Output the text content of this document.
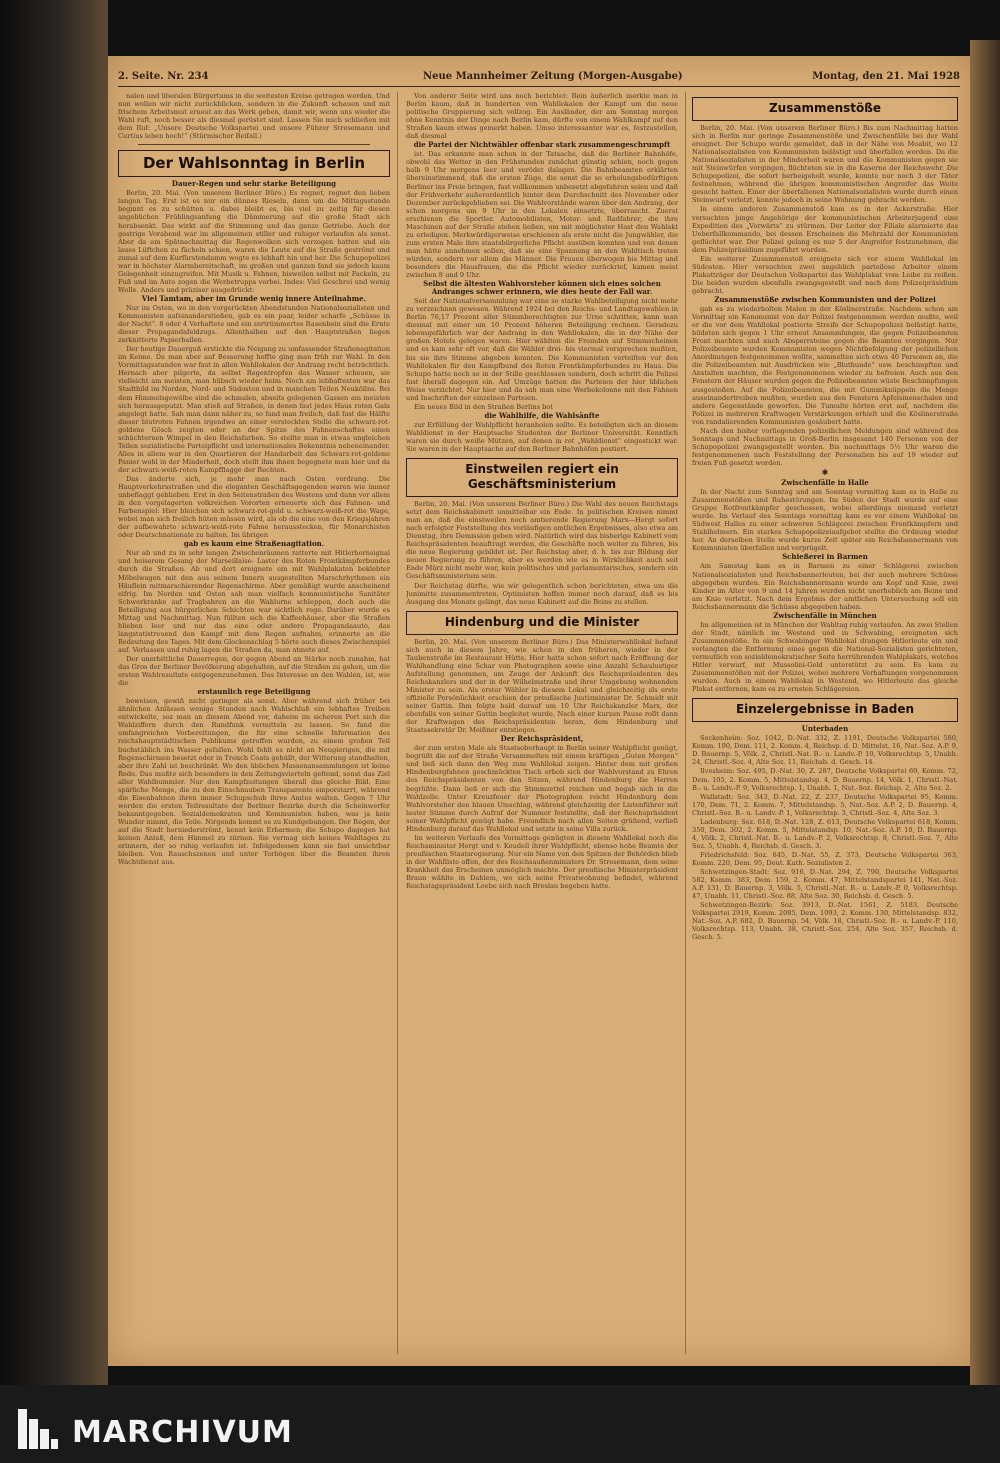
2. Seite. Nr. 234	Neue Mannheimer Zeitung (Morgen-Ausgabe)	Montag, den 21. Mai 1928

nalen und liberalen Bürgertums in die weitesten Kreise getragen werden. Und nun wollen wir nicht zurückblicken, sondern in die Zukunft schauen und mit frischem Arbeitsmut erneut an das Werk gehen, damit wir, wenn uns wieder die Wahl ruft, noch besser als diesmal gerüstet sind. Lassen Sie mich schließen mit dem Ruf: „Unsere Deutsche Volkspartei und unsere Führer Stresemann und Curtius leben hoch!“ (Stürmischer Beifall.)

Der Wahlsonntag in Berlin

Dauer-Regen und sehr starke Beteiligung

Berlin, 20. Mai. (Von unserem Berliner Büro.) Es regnet, regnet den lieben langen Tag. Erst ist es nur ein dünnes Rieseln, dann um die Mittagsstunde beginnt es zu schütten u. dabei bleibt es, bis viel zu zeitig für diesen angeblichen Frühlingsanfang die Dämmerung auf die große Stadt sich herabsenkt. Das wirkt auf die Stimmung und das ganze Getriebe. Auch der gestrige Vorabend war im allgemeinen stiller und ruhiger verlaufen als sonst. Aber da am Spätnachmittag die Regenwolken sich verzogen hatten und ein laues Lüftchen zu fächeln schien, waren die Leute auf die Straße geströmt und zumal auf dem Kurfürstendamm wogte es lebhaft hin und her. Die Schupopolizei war in höchster Alarmbereitschaft, im großen und ganzen fand sie jedoch kaum Gelegenheit einzugreifen. Mit Musik u. Fahnen, bisweilen selbst mit Fackeln, zu Fuß und im Auto zogen die Werbetrupps vorbei. Indes: Viel Geschrei und wenig Wolle. Anders und präziser ausgedrückt:

Viel Tamtam, aber im Grunde wenig innere Anteilnahme.

Nur im Osten, wo in den vorgerückten Abendstunden Nationalsozialisten und Kommunisten aufeinanderstießen, gab es ein paar, leider scharfe „Schüsse in der Nacht“. 8 oder 4 Verhaftete und ein zertrümmertes Rasenbein sind die Ernte dieser Propagandafeldzugs. Allenthalben auf den Hauptstraßen liegen zerknitterte Papierballen.

Der heutige Dauerguß erstickte die Neigung zu umfassender Straßenagitation im Keime. Da man aber auf Besserung hoffte ging man früh zur Wahl. In den Vormittagsstunden war fast in allen Wahllokalen der Andrang recht beträchtlich. Hernach aber pilgerte, da selbst Regentropfen das Wasser scheuen, sie vielleicht am meisten, man hübsch wieder heim. Noch am lebhaftesten war das Stadtbild im Norden, Nord- und Südosten und in manchen Teilen Neuköllns. Bei dem Himmelsgewölbe sind die schmalen, abseits gelegenen Gassen am meisten sich herausgeputzt. Man stieß auf Straßen, in denen fast jedes Haus roten Gala angelegt hatte. Sah man dann näher zu, so fand man freilich, daß fast die Hälfte dieser blutroten Fahnen irgendwo an einer versteckten Stelle die schwarz-rot-goldene Gösch zeigten oder an der Spitze des Fahnenschaftes einen schüchternen Wimpel in den Reichsfarben. So stellte man in etwas ungleichen Teilen sozialistische Parteipflicht und internationales Bekenntnis nebeneinander. Alles in allem war in den Quartieren der Handarbeit das Schwarz-rot-goldene Panier wohl in der Minderheit, doch stellt ihm ihnen begegnete man hier und da der schwarz-weiß-roten Kampfflagge der Rechten.

Das änderte sich, je mehr man nach Osten vordrang. Die Hauptverkehrsstraßen und die eleganten Geschäftsgegenden waren wie immer unbeflaggt geblieben. Erst in den Seitenstraßen des Westens und dann vor allem in den vorgelagerten volkreichen Vororten erneuerte sich das Fahnen- und Farbenspiel: Hier bleichen sich schwarz-rot-gold u. schwarz-weiß-rot die Wage, wobei man sich freilich hüten müssen wird, als ob die eine von den Kriegsjahren der aufbewahrte schwarz-weiß-rote Fahne herausstecken, für Monarchisten oder Deutschnationale zu halten. Im übrigen

gab es kaum eine Straßenagitation.

Nur ab und zu in sehr langen Zwischenräumen ratterte mit Hitlerhornsignal und heiserem Gesang der Marseillaise- Laster des Roten Frontkämpferbundes durch die Straßen. Ab und dort ereignete ein mit Wahlplakaten beklebter Möbelwagen mit den aus seinem Innern ausgestellten Marschrhythmen ein Häuflein mitmarschierender Regenschirme. Aber gemäßigt wurde anscheinend eifrig. Im Norden und Osten sah man vielfach kommunistische Sanitäter Schwerkranke auf Tragbahren an die Wahlurne schleppen, doch auch die Beteiligung aus bürgerlichen Schichten war sichtlich rege. Darüber wurde es Mittag und Nachmittag. Nun füllten sich die Kaffeehäuser, aber die Straßen blieben leer und nur das eine oder andere Propagandaauto, das langstatistreuend den Kampf mit dem Regen aufnahm, erinnerte an die Bedeutung des Tages. Mit dem Glockenschlag 5 hörte auch dieses Zwischenspiel auf. Verlassen und ruhig lagen die Straßen da, man atmete auf.

Der unerbittliche Dauerregen, der gegen Abend an Stärke noch zunahm, hat das Gros der Berliner Bevölkerung abgehalten, auf die Straßen zu gehen, um die ersten Wahlresultate entgegenzunehmen. Das Interesse an den Wahlen, ist, wie die

erstaunlich rege Beteiligung

beweisen, gewiß nicht geringer als sonst. Aber während sich früher bei ähnlichen Anlässen wenige Stunden nach Wahlschluß ein lebhaftes Treiben entwickelte, soz man an diesem Abend vor, daheim im sicheren Port sich die Wahlziffern durch den Rundfunk vermitteln zu lassen. So fand die umfangreichen Vorbereitungen, die für eine schnelle Information des reichshauptstädtischen Publikums getroffen wurden, zu einem großen Teil buchstäblich ins Wasser gefallen. Wohl fehlt es nicht an Neugierigen, die mit Regenschirmen besetzt oder in Trench Coats gehüllt, der Witterung standhalten, aber ihre Zahl ist beschränkt. Wo den üblichen Massenansammlungen ist keine Rede. Das mußte sich besonders in den Zeitungsvierteln geltend, sonst das Ziel aller Wahlbummler. Nur den Kampfzeitungen überall das gleiche Bild. Eine spärliche Menge, die zu den Einschnauben Transparente emporstarrt, während die Eisenbahnen ihren immer Schupschub ihres Amtes walten. Gegen 7 Uhr werden die ersten Teilresultate der Berliner Bezirke durch die Scheinwerfer bekanntgegeben. Sozialdemokraten und Kommunisten haben, was ja kein Wunder nimmt, die Teile. Nirgends kommt es zu Kundgebungen. Der Regen, der auf die Stadt herniederströmt, kennt kein Erbarmen; die Schupo dagegen hat keinen Anlaß, dem Himmel zu zürnen. Sie vermag sich keines Wahltages zu erinnern, der so ruhig verlaufen ist. Infolgedessen kann sie fast unsichtbar bleiben. Von Rauschszenen und unter Torbögen über die Beamten ihren Wachtdienst aus.

Von anderer Seite wird uns noch berichtet: Rein äußerlich merkte man in Berlin kaum, daß in hunderten von Wahllokalen der Kampf um die neue politische Gruppierung sich vollzog. Ein Ausländer, der am Sonntag morgen ohne Kenntnis der Dinge nach Berlin kam, dürfte von einem Wahlkampf auf den Straßen kaum etwas gemerkt haben. Umso interessanter war es, festzustellen, daß diesmal

die Partei der Nichtwähler offenbar stark zusammengeschrumpft

ist. Das erkannte man schon in der Tatsache, daß die Berliner Bahnhöfe, obwohl das Wetter in den Frühstunden zunächst günstig schien, noch gegen halb 9 Uhr morgens leer und verödet dalagen. Die Bahnbeamten erklärten übereinstimmend, daß die ersten Züge, die sonst die so erholungsbedürftigen Berliner ins Freie bringen, fast vollkommen unbesetzt abgefahren seien und daß der Frühverkehr außerordentlich hinter dem Durchschnitt des November oder Dezember zurückgeblieben sei. Die Wahlvorstände waren über den Andrang, der schon morgens um 9 Uhr in den Lokalen einsetzte, überrascht. Zuerst erschienen die Sportler. Automobilisten, Motor- und Radfahrer, die ihre Maschinen auf der Straße stehen ließen, um mit möglichster Hast den Wahlakt zu erledigen. Merkwürdigerweise erschienen als erste nicht die Jungwähler, die zum ersten Male ihre staatsbürgerliche Pflicht ausüben konnten und von denen man hätte annehmen sollen, daß sie eine Spannung an den Wahltisch treten würden, sondern vor allem die Männer. Die Frauen überwogen bis Mittag und besonders die Hausfrauen, die die Pflicht wieder zurückrief, kamen meist zwischen 8 und 9 Uhr.

Selbst die ältesten Wahlvorsteher können sich eines solchen Andranges schwer erinnern, wie dies heute der Fall war.

Seit der Nationalversammlung war eine so starke Wahlbeteiligung nicht mehr zu verzeichnen gewesen. Während 1924 bei den Reichs- und Landtagswahlen in Berlin 76,17 Prozent aller Stimmberechtigten zur Urne schritten, kann man diesmal mit einer um 10 Prozent höheren Beteiligung rechnen. Geradezu lebensgefährlich war der Andrang in den Wahllokalen, die in der Nähe der großen Hotels gelegen waren. Hier wählten die Fremden auf Stimmscheinen und es kam sehr oft vor, daß die Wähler drei- bis viermal vorsprechen mußten, bis sie ihre Stimme abgeben konnten. Die Kommunisten verteilten vor den Wahllokalen für den Kampfbund des Roten Frontkämpferbundes zu Haus. Die Schupo hatte noch so in der Stille geschlossen sondern, doch schritt die Polizei fast überall dagegen ein. Auf Umzüge hatten die Parteien der hier üblichen Weise verzichtet. Nur hier und da sah man eine Werbekolonne mit den Fahnen und Inschriften der einzelnen Parteien.

Ein neues Bild in den Straßen Berlins bot

die Wahlhilfe, die Wahlsänfte

zur Erfüllung der Wahlpflicht heranholen sollte. Es beteiligten sich an diesem Wahldienst in der Hauptsache Studenten der Berliner Universität. Kenntlich waren sie durch weiße Mützen, auf denen in rot „Wahldienst“ eingestickt war. Sie waren in der Hauptsache auf den Berliner Bahnhöfen postiert.

Einstweilen regiert ein Geschäftsministerium

Berlin, 20. Mai. (Von unserem Berliner Büro.) Die Wahl des neuen Reichstags setzt dem Reichskabinett unmittelbar ein Ende. In politischen Kreisen nimmt man an, daß die einstweilen noch amtierende Regierung Marx—Hergt sofort nach erfolgter Feststellung des vorläufigen amtlichen Ergebnisses, also etwa am Dienstag, ihre Demission geben wird. Natürlich wird das bisherige Kabinett vom Reichspräsidenten beauftragt werden, die Geschäfte noch weiter zu führen, bis die neue Regierung gebildet ist. Der Reichstag aber, d. h. bis zur Bildung der neuen Regierung zu führen, aber es werden wie es in Wirklichkeit auch seit Ende März nicht mehr war, kein politisches und parlamentarisches, sondern ein Geschäftsministerium sein.

Der Reichstag dürfte, wie wir gelegentlich schon berichteten, etwa um die Junimitte zusammentreten. Optimisten hoffen immer noch darauf, daß es bis Ausgang des Monats gelingt, das neue Kabinett auf die Beine zu stellen.

Hindenburg und die Minister

Berlin, 20. Mai. (Von unserem Berliner Büro.) Das Ministerwahllokal befand sich auch in diesem Jahre, wie schon in den früheren, wieder in der Taubenstraße im Restaurant Hütte. Hier hatte schon sofort nach Eröffnung der Wahlhandlung eine Schar von Photographen sowie eine Anzahl Schaulustiger Aufstellung genommen, um Zeuge der Ankunft des Reichspräsidenten des Reichskanzlers und der in der Wilhelmstraße und ihrer Umgebung wohnenden Minister zu sein. Als erster Wähler in diesem Lokal und gleichzeitig als erste offizielle Persönlichkeit erschien der preußische Justizminister Dr. Schmidt mit seiner Gattin. Ihm folgte bald darauf um 10 Uhr Reichskanzler Marx, der ebenfalls von seiner Gattin begleitet wurde. Nach einer kurzen Pause rollt dann der Kraftwagen des Reichspräsidenten heran, dem Hindenburg und Staatssekretär Dr. Meißner entstiegen.

Der Reichspräsident,

der zum ersten Male als Staatsoberhaupt in Berlin seiner Wahlpflicht genügt, begrüßt die auf der Straße Versammelten mit einem kräftigen „Guten Morgen“ und ließ sich dann den Weg zum Wahllokal zeigen. Hinter dem mit großen Hindenburgfahnen geschmückten Tisch erhob sich der Wahlvorstand zu Ehren des Reichspräsidenten von den Sitzen, während Hindenburg die Herren begrüßte. Dann ließ er sich die Stimmzettel reichen und begab sich in die Wahlzelle. Unter Kreuzfeuer der Photographen reicht Hindenburg dem Wahlvorsteher den blauen Umschlag, während gleichzeitig der Listenführer mit lauter Stimme durch Aufruf der Nummer feststellte, daß der Reichspräsident seiner Wahlpflicht genügt habe. Freundlich nach allen Seiten grüßend, verließ Hindenburg darauf das Wahllokal und setzte in seine Villa zurück.

Im weiteren Verlaufe des Vormittags genügten in diesem Wahllokal noch die Reichsminister Hergt und v. Keudell ihrer Wahlpflicht, ebenso hohe Beamte der preußischen Staatsregierung. Nur ein Name von den Spitzen der Behörden blieb in der Wahlliste offen, der des Reichsaußenministers Dr. Stresemann, dem seine Krankheit das Erscheinen unmöglich machte. Der preußische Ministerpräsident Braun wählte in Dahlem, wo sich seine Privatwohnung befindet, während Reichstagspräsident Loebe sich nach Breslau begeben hatte.

Zusammenstöße

Berlin, 20. Mai. (Von unserem Berliner Büro.) Bis zum Nachmittag hatten sich in Berlin nur geringe Zusammenstöße und Zwischenfälle bei der Wahl ereignet. Der Schupo wurde gemeldet, daß in der Nähe von Moabit, wo 12 Nationalsozialisten von Kommunisten belästigt und überfallen worden. Da die Nationalsozialisten in der Minderheit waren und die Kommunisten gegen sie mit Steinwürfen vorgingen, flüchteten sie in die Kaserne der Reichswehr. Die Schupopolizei, die sofort herbeigeholt wurde, konnte nur noch 3 der Täter festnehmen, während die übrigen kommunistischen Angreifer das Weite gesucht hatten. Einer der überfallenen Nationalsozialisten wurde durch einen Steinwurf verletzt, konnte jedoch in seine Wohnung gebracht werden.

In einem anderen Zusammenstoß kam es in der Ackerstraße. Hier versuchten junge Angehörige der kommunistischen Arbeiterjugend eine Expedition des „Vorwärts“ zu stürmen. Der Leiter der Filiale alarmierte das Ueberfallkommando, bei dessen Erscheinen die Mehrzahl der Kommunisten geflüchtet war. Der Polizei gelang es nur 5 der Angreifer festzunehmen, die dem Polizeipräsidium zugeführt wurden.

Ein weiterer Zusammenstoß ereignete sich vor einem Wahllokal im Südosten. Hier versuchten zwei angeblich parteilose Arbeiter einem Plakatträger der Deutschen Volkspartei das Wahlplakat vom Leibe zu reißen. Die beiden wurden ebenfalls zwangsgestellt und nach dem Polizeipräsidium gebracht.

Zusammenstöße zwischen Kommunisten und der Polizei

gab es zu wiederholten Malen in der Köslinerstraße. Nachdem schon am Vormittag ein Kommunist von der Polizei festgenommen werden mußte, weil er die vor dem Wahllokal postierte Streife der Schupopolizei belästigt hatte, bildeten sich gegen 1 Uhr erneut Ansammlungen, die gegen Polizeibeamten Front machten und auch Absperrsteine gegen die Beamten vorgingen. Nur Polizeibeamte wurden Kommunisten wegen Nichtbefolgung der polizeilichen Anordnungen festgenommen wollte, sammelten sich etwa 40 Personen an, die die Polizeibeamten mit Ausdrücken wie „Bluthunde“ usw. beschimpften und Anstalten machten, die Festgenommenen wieder zu befreien. Auch aus den Fenstern der Häuser wurden gegen die Polizeibeamten wüste Beschimpfungen ausgestoßen. Auf die Polizeibeamten, die mit Gummiknüppeln die Menge auseinandertreiben mußten, wurden aus den Fenstern Apfelsinenschalen und andere Gegenstände geworfen. Die Tumulte hörten erst auf, nachdem die Polizei in mehreren Kraftwagen Verstärkungen erhielt und die Köslinerstraße von randalierenden Kommunisten gesäubert hatte.

Nach den bisher vorliegenden polizeilichen Meldungen sind während des Sonntags und Nachmittags in Groß-Berlin insgesamt 140 Personen von der Schupopolizei zwangsgestellt worden. Bis nachmittags 5½ Uhr waren die festgenommenen nach Feststellung der Personalien bis auf 19 wieder auf freien Fuß gesetzt worden.

✱

Zwischenfälle in Halle

In der Nacht zum Sonntag und am Sonntag vormittag kam es in Halle zu Zusammenstößen und Ruhestörungen. Im Süden der Stadt wurde auf eine Gruppe Rotfrontkämpfer geschossen, wobei allerdings niemand verletzt wurde. Im Verlauf des Sonntags vormittag kam es vor einem Wahllokal im Südwest Halles zu einer schweren Schlägerei zwischen Frontkämpfern und Stahlhelmern. Ein starkes Schupopolizeiaufgebot stellte die Ordnung wieder her. An derselben Stelle wurde kurze Zeit später ein Reichsbannermann von Kommunisten überfallen und verprügelt.

Schießerei in Barmen

Am Samstag kam es in Barmen zu einer Schlägerei zwischen Nationalsozialisten und Reichsbannerleuten, bei der auch mehrere Schüsse abgegeben wurden. Ein Reichsbannermann wurde am Kopf und Knie, zwei Kinder im Alter von 9 und 14 Jahren wurden nicht unerheblich am Beine und am Knie verletzt. Nach dem Ergebnis der amtlichen Untersuchung soll ein Reichsbannermann die Schüsse abgegeben haben.

Zwischenfälle in München

Im allgemeinen ist in München der Wahltag ruhig verlaufen. An zwei Stellen der Stadt, nämlich im Westend und in Schwabing, ereigneten sich Zusammenstöße. In ein Schwabinger Wahllokal drangen Hitlerleute ein und verlangten die Entfernung eines gegen die National-Sozialisten gerichteten, vermutlich von sozialdemokratischer Seite herrührenden Wahlplakats, welches Hitler verwarf, mit Mussolini-Geld unterstützt zu sein. Es kam zu Zusammenstößen mit der Polizei, wobei mehrere Verhaftungen vorgenommen wurden. Auch in einem Wahllokal in Westend, wo Hitlerleute das gleiche Plakat entfernen, kam es zu ernsten Schlägereien.

Einzelergebnisse in Baden

Unterbaden

Seckenheim: Soz. 1042, D.-Nat. 332, Z. 1191, Deutsche Volkspartei 580, Komm. 190, Dem. 111, 2. Komm. 4, Reichsp. d. D. Mittelst. 16, Nat.-Soz. A.P. 9, D. Bauernp. 5, Völk. 2, Christl.-Nat. B.- u. Landv.-P. 10, Volksrechtsp. 5, Unabh. 24, Christl.-Soz. 4, Alte Soz. 11, Reichsb. d. Gesch. 14.

Ilvesheim: Soz. 495, D.-Nat. 30, Z. 287, Deutsche Volkspartei 69, Komm. 72, Dem. 105, 2. Komm. 5, Mittelstandsp. 4, D. Bauernp. 14, Völk. 1, Christl.-Nat. B.- u. Landv.-P. 9, Volksrechtsp. 1, Unabh. 1, Nat.-Soz. Reichsp. 2, Alte Soz. 2.

Wallstadt: Soz. 343, D.-Nat. 22, Z. 237, Deutsche Volkspartei 95, Komm. 170, Dem. 71, 2. Komm. 7, Mittelstandsp. 5, Nat.-Soz. A.P. 2, D. Bauernp. 4, Christl.-Soz. B.- u. Landv.-P. 1, Volksrechtsp. 3, Christl.-Soz. 4, Alte Soz. 3.

Ladenburg: Soz. 618, D.-Nat. 128, Z. 613, Deutsche Volkspartei 618, Komm. 350, Dem. 302, 2. Komm. 5, Mittelstandsp. 10, Nat.-Soz. A.P. 10, D. Bauernp. 4, Völk. 2, Christl.-Nat. B.- u. Landv.-P. 2, Volksrechtsp. 8, Christl.-Soz. 7, Alte Soz. 5, Unabh. 4, Reichsb. d. Gesch. 3.

Friedrichsfeld: Soz. 645, D.-Nat. 55, Z. 373, Deutsche Volkspartei 363, Komm. 220, Dem. 95, Deut. Kath. Sozialisten 2.

Schwetzingen-Stadt: Soz. 916, D.-Nat. 294, Z. 790, Deutsche Volkspartei 582, Komm. 383, Dem. 159, 2. Komm. 47, Mittelstandspartei 141, Nat.-Soz. A.P. 131, D. Bauernp. 3, Völk. 5, Christl.-Nat. B.- u. Landv.-P. 0, Volksrechtsp. 47, Unabh. 11, Christl.-Soz. 88, Alte Soz. 30, Reichsb. d. Gesch. 5.

Schwetzingen-Bezirk: Soz. 3913, D.-Nat. 1561, Z. 5183, Deutsche Volkspartei 2919, Komm. 2085, Dem. 1093, 2. Komm. 130, Mittelstandsp. 832, Nat.-Soz. A.P. 682, D. Bauernp. 54, Völk. 18, Christl.-Soz. B.- u. Landv.-P. 110, Volksrechtsp. 113, Unabh. 38, Christl.-Soz. 254, Alte Soz. 357, Reichsb. d. Gesch. 5.

MARCHIVUM
